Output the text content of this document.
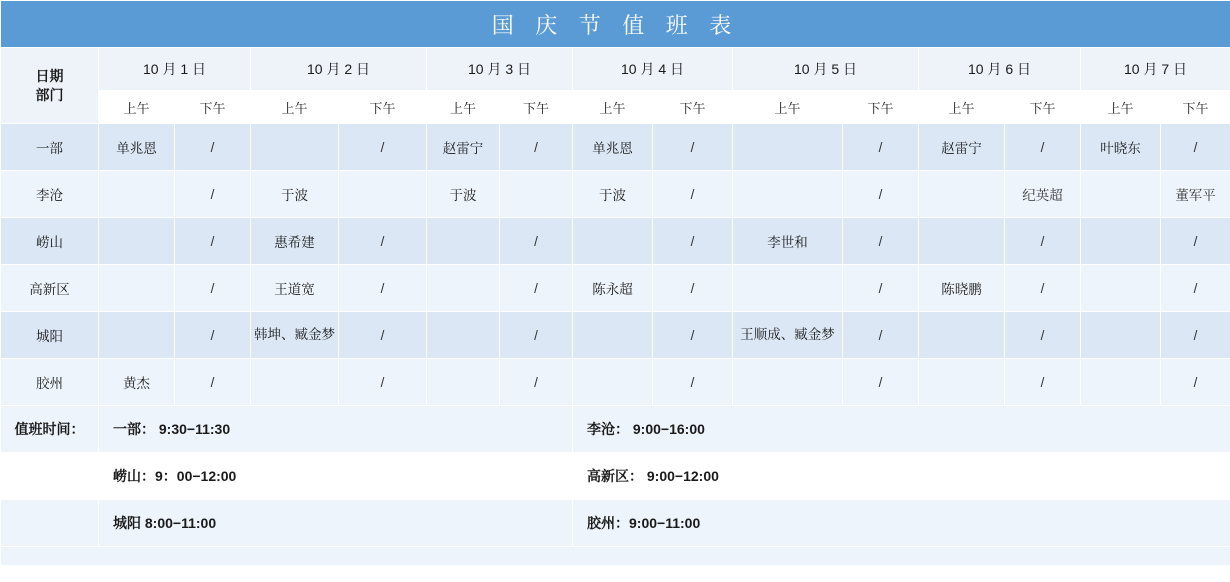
国 庆 节 值 班 表														

日期
部门	10 月 1 日		10 月 2 日		10 月 3 日		10 月 4 日		10 月 5 日		10 月 6 日		10 月 7 日	
	上午	下午	上午	下午	上午	下午	上午	下午	上午	下午	上午	下午	上午	下午
一部	单兆恩	/		/	赵雷宁	/	单兆恩	/		/	赵雷宁	/	叶晓东	/
李沧		/	于波		于波		于波	/		/		纪英超		董军平
崂山		/	惠希建	/		/		/	李世和	/		/		/
高新区		/	王道宽	/		/	陈永超	/		/	陈晓鹏	/		/
城阳		/	韩坤、臧金梦	/		/		/	王顺成、臧金梦	/		/		/
胶州	黄杰	/		/		/		/		/		/		/
值班时间：	一部： 9:30−11:30						李沧： 9:00−16:00							
	崂山：9：00−12:00						高新区： 9:00−12:00							
	城阳 8:00−11:00						胶州：9:00−11:00							
